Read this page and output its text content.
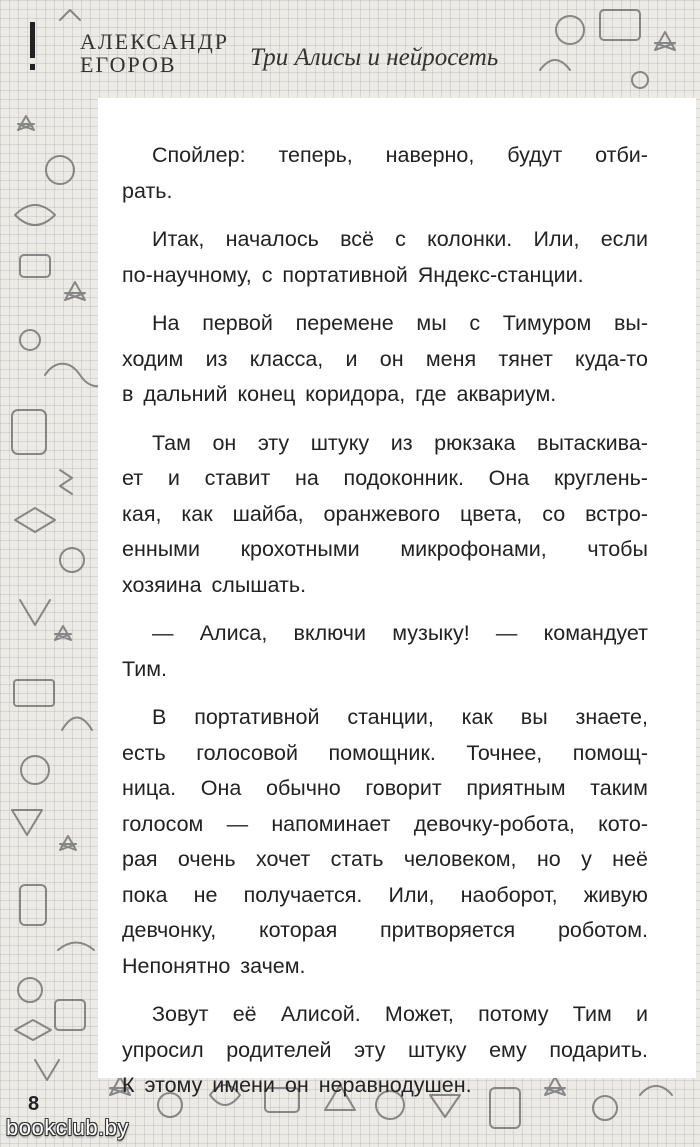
АЛЕКСАНДР
ЕГОРОВ	Три Алисы и нейросеть
Спойлер: теперь, наверно, будут отби-
рать.
Итак, началось всё с колонки. Или, если
по-научному, с портативной Яндекс-станции.
На первой перемене мы с Тимуром вы-
ходим из класса, и он меня тянет куда-то
в дальний конец коридора, где аквариум.
Там он эту штуку из рюкзака вытаскива-
ет и ставит на подоконник. Она круглень-
кая, как шайба, оранжевого цвета, со встро-
енными крохотными микрофонами, чтобы
хозяина слышать.
— Алиса, включи музыку! — командует
Тим.
В портативной станции, как вы знаете,
есть голосовой помощник. Точнее, помощ-
ница. Она обычно говорит приятным таким
голосом — напоминает девочку-робота, кото-
рая очень хочет стать человеком, но у неё
пока не получается. Или, наоборот, живую
девчонку, которая притворяется роботом.
Непонятно зачем.
Зовут её Алисой. Может, потому Тим и
упросил родителей эту штуку ему подарить.
К этому имени он неравнодушен.
8
bookclub.by
